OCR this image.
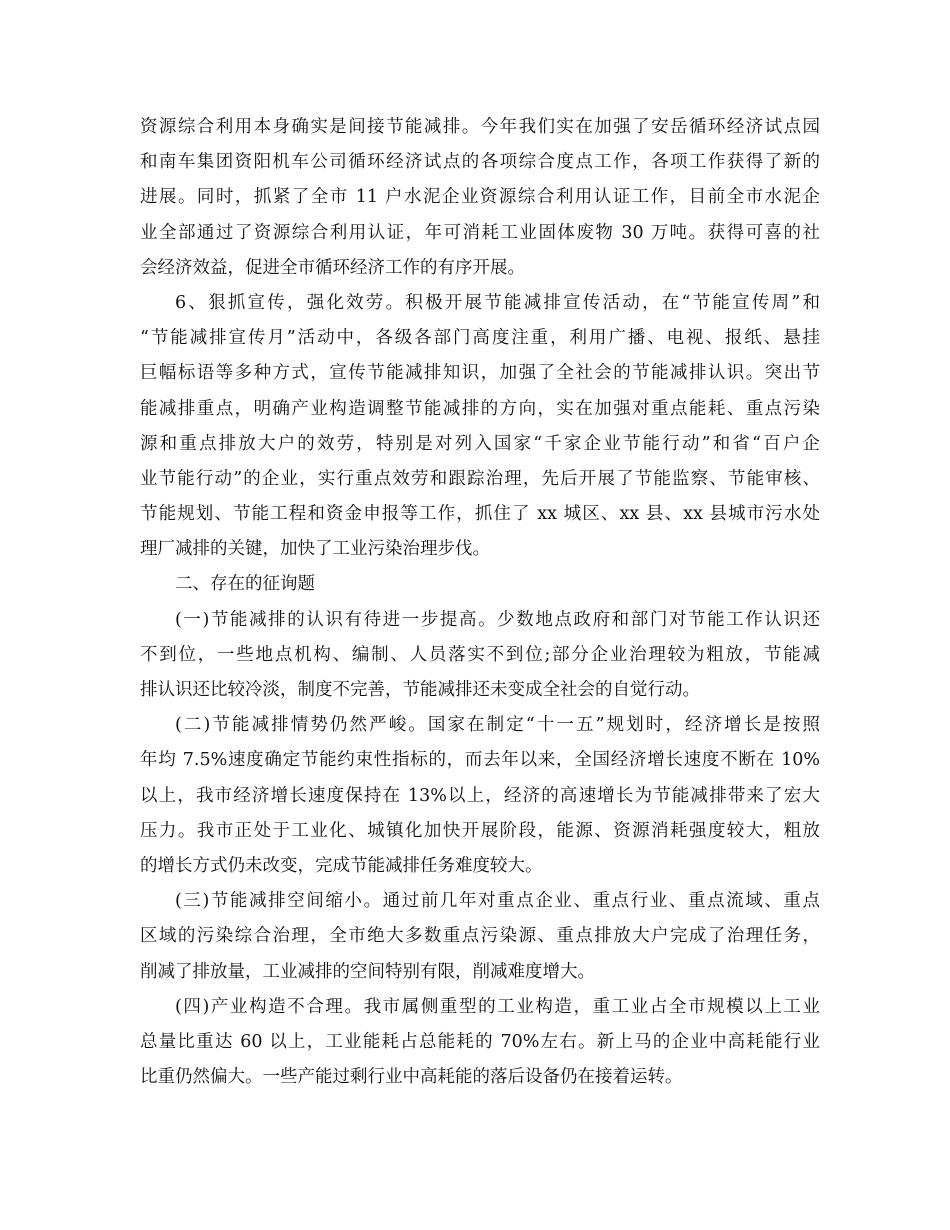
资源综合利用本身确实是间接节能减排。今年我们实在加强了安岳循环经济试点园
和南车集团资阳机车公司循环经济试点的各项综合度点工作，各项工作获得了新的
进展。同时，抓紧了全市 11 户水泥企业资源综合利用认证工作，目前全市水泥企
业全部通过了资源综合利用认证，年可消耗工业固体废物 30 万吨。获得可喜的社
会经济效益，促进全市循环经济工作的有序开展。
6、狠抓宣传，强化效劳。积极开展节能减排宣传活动，在“节能宣传周”和
“节能减排宣传月”活动中，各级各部门高度注重，利用广播、电视、报纸、悬挂
巨幅标语等多种方式，宣传节能减排知识，加强了全社会的节能减排认识。突出节
能减排重点，明确产业构造调整节能减排的方向，实在加强对重点能耗、重点污染
源和重点排放大户的效劳，特别是对列入国家“千家企业节能行动”和省“百户企
业节能行动”的企业，实行重点效劳和跟踪治理，先后开展了节能监察、节能审核、
节能规划、节能工程和资金申报等工作，抓住了 xx 城区、xx 县、xx 县城市污水处
理厂减排的关键，加快了工业污染治理步伐。
二、存在的征询题
(一)节能减排的认识有待进一步提高。少数地点政府和部门对节能工作认识还
不到位，一些地点机构、编制、人员落实不到位;部分企业治理较为粗放，节能减
排认识还比较冷淡，制度不完善，节能减排还未变成全社会的自觉行动。
(二)节能减排情势仍然严峻。国家在制定“十一五”规划时，经济增长是按照
年均 7.5%速度确定节能约束性指标的，而去年以来，全国经济增长速度不断在 10%
以上，我市经济增长速度保持在 13%以上，经济的高速增长为节能减排带来了宏大
压力。我市正处于工业化、城镇化加快开展阶段，能源、资源消耗强度较大，粗放
的增长方式仍未改变，完成节能减排任务难度较大。
(三)节能减排空间缩小。通过前几年对重点企业、重点行业、重点流域、重点
区域的污染综合治理，全市绝大多数重点污染源、重点排放大户完成了治理任务，
削减了排放量，工业减排的空间特别有限，削减难度增大。
(四)产业构造不合理。我市属侧重型的工业构造，重工业占全市规模以上工业
总量比重达 60 以上，工业能耗占总能耗的 70%左右。新上马的企业中高耗能行业
比重仍然偏大。一些产能过剩行业中高耗能的落后设备仍在接着运转。
